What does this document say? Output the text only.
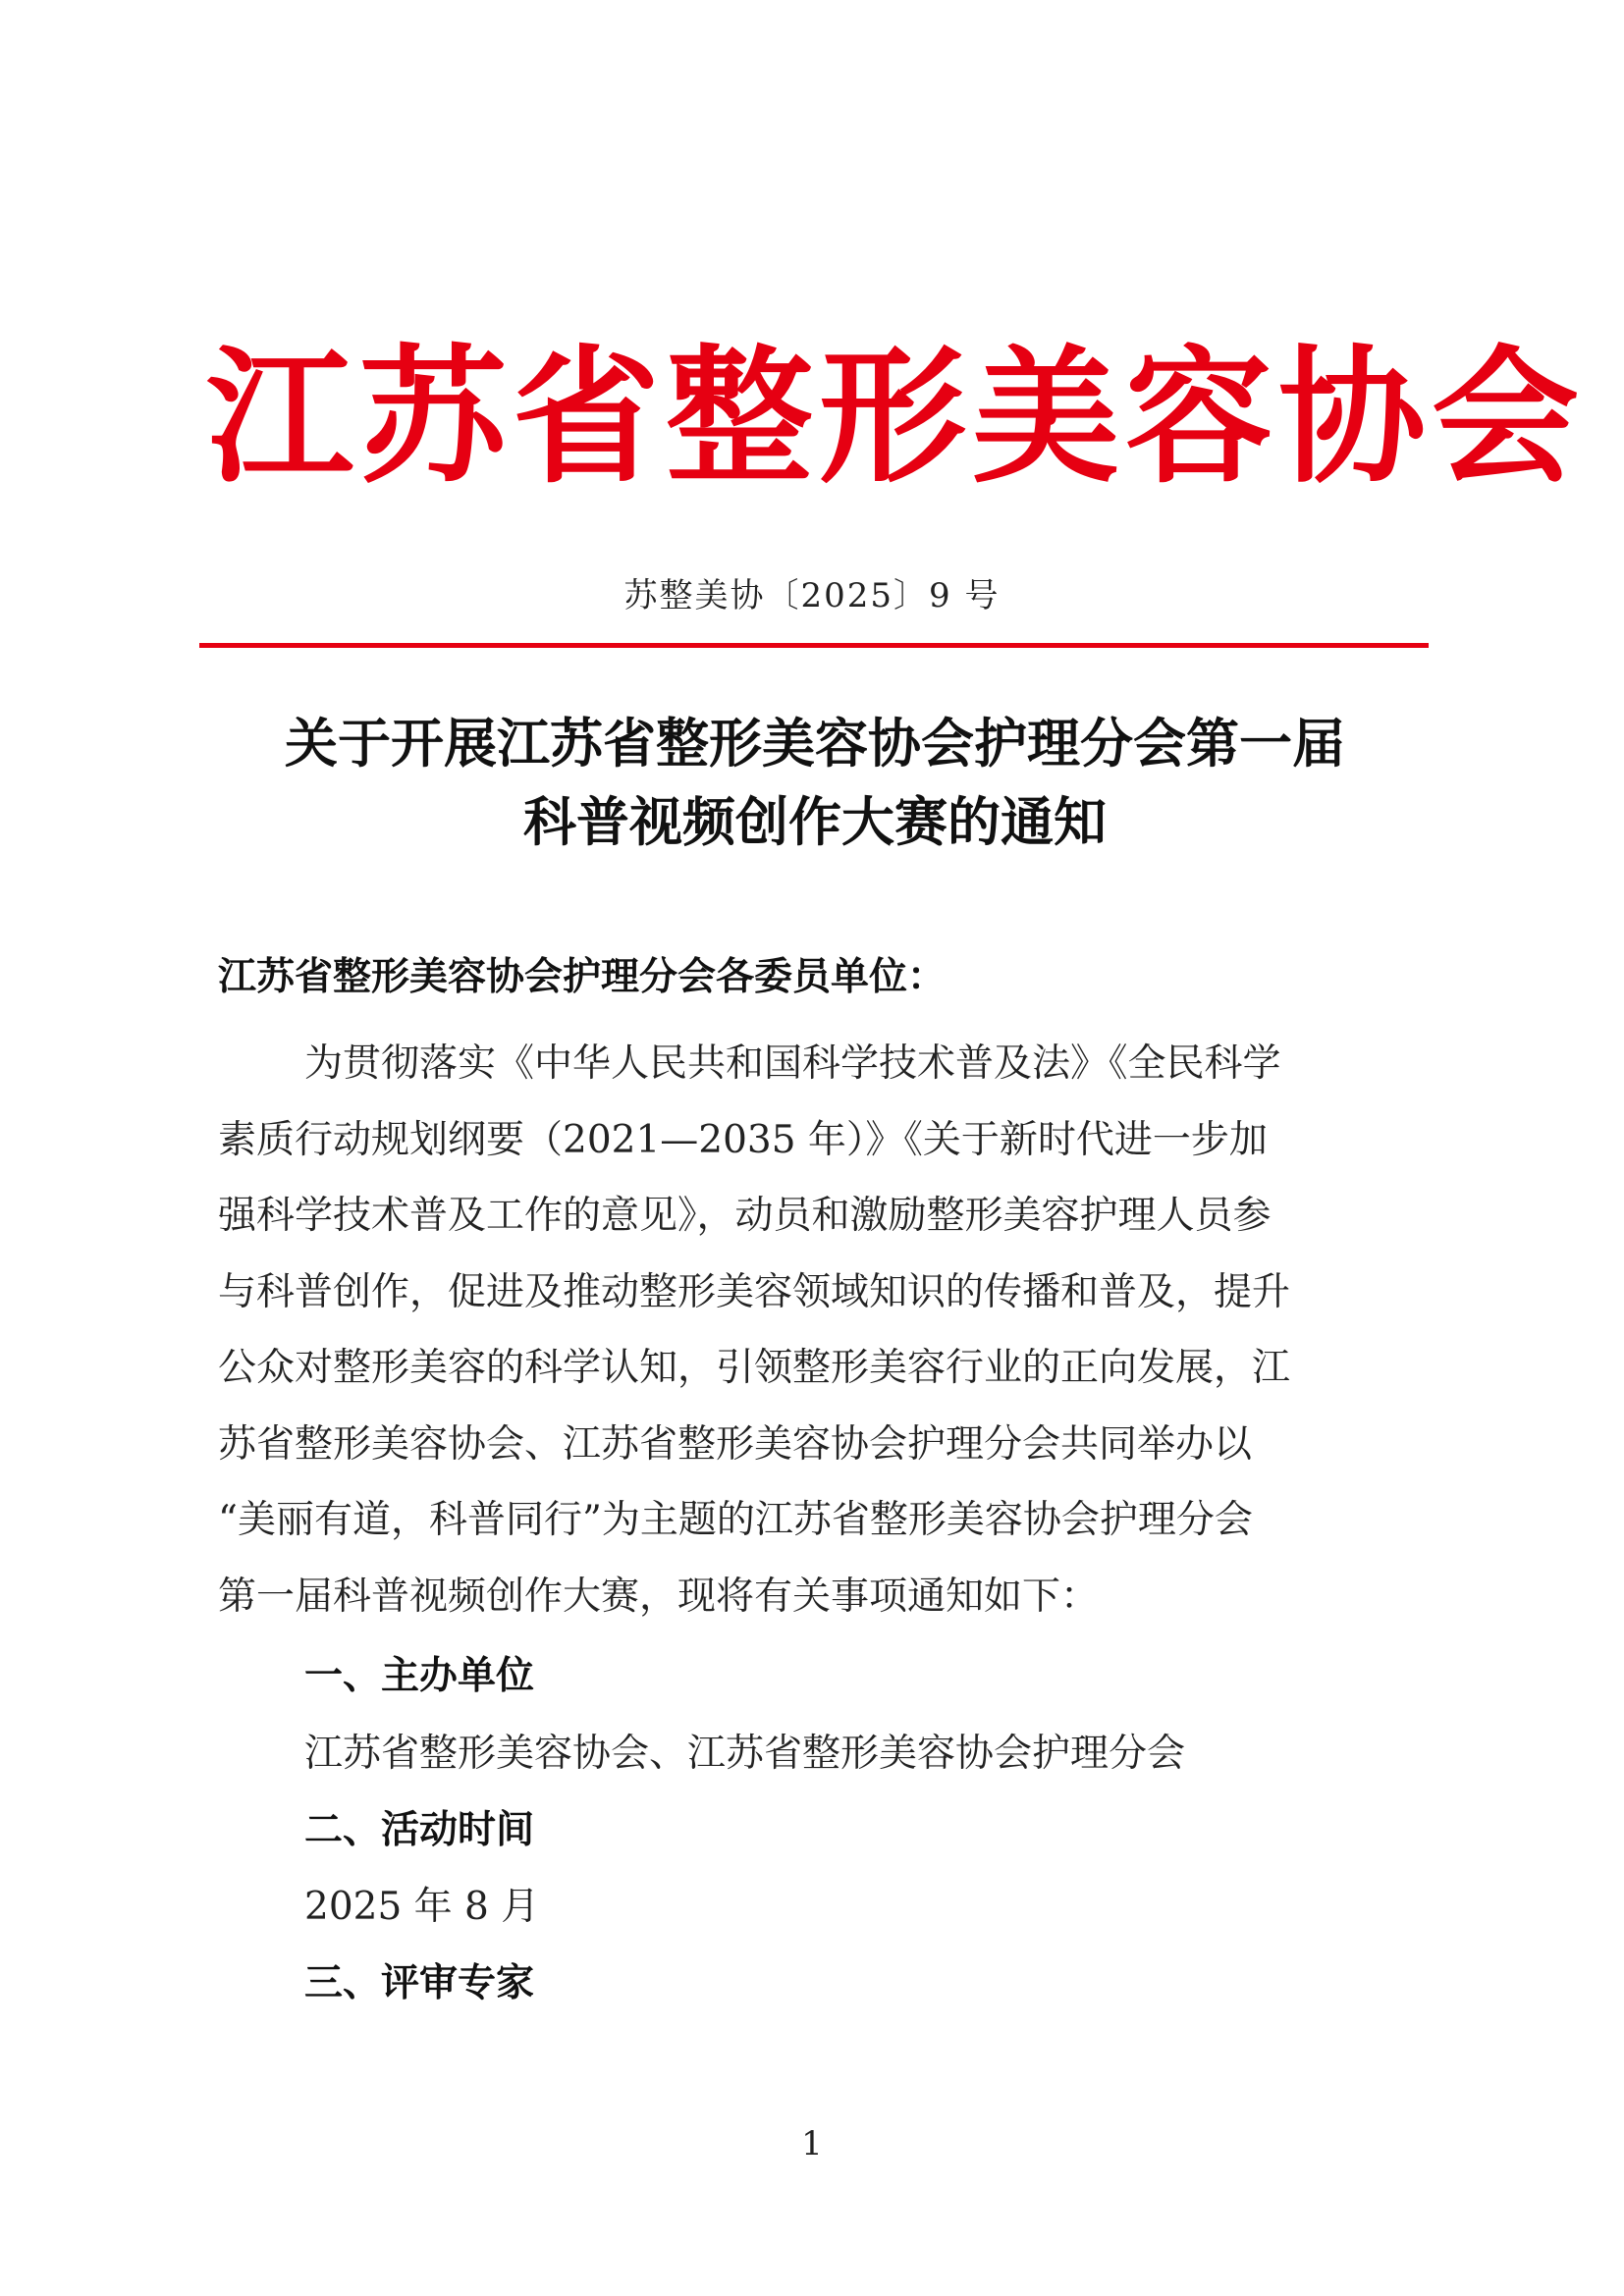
江苏省整形美容协会
苏整美协〔2025〕9 号
关于开展江苏省整形美容协会护理分会第一届
科普视频创作大赛的通知
江苏省整形美容协会护理分会各委员单位：
为贯彻落实《中华人民共和国科学技术普及法》《全民科学
素质行动规划纲要（2021—2035 年）》《关于新时代进一步加
强科学技术普及工作的意见》，动员和激励整形美容护理人员参
与科普创作，促进及推动整形美容领域知识的传播和普及，提升
公众对整形美容的科学认知，引领整形美容行业的正向发展，江
苏省整形美容协会、江苏省整形美容协会护理分会共同举办以
“美丽有道，科普同行”为主题的江苏省整形美容协会护理分会
第一届科普视频创作大赛，现将有关事项通知如下：
一、主办单位
江苏省整形美容协会、江苏省整形美容协会护理分会
二、活动时间
2025 年 8 月
三、评审专家
1
